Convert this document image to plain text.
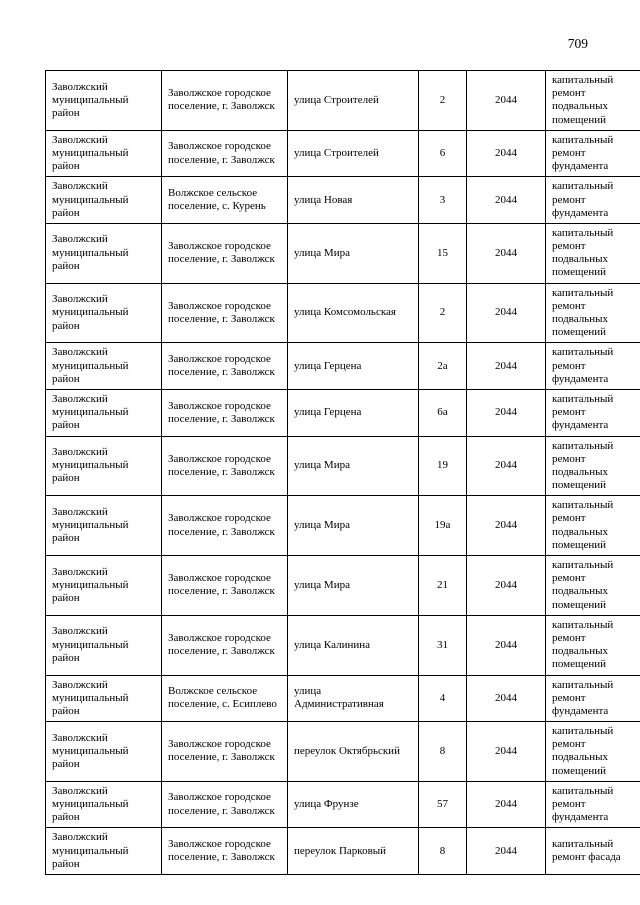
709
Заволжский муниципальный район	Заволжское городское поселение, г. Заволжск	улица Строителей	2	2044	капитальный ремонт подвальных помещений
Заволжский муниципальный район	Заволжское городское поселение, г. Заволжск	улица Строителей	6	2044	капитальный ремонт фундамента
Заволжский муниципальный район	Волжское сельское поселение, с. Курень	улица Новая	3	2044	капитальный ремонт фундамента
Заволжский муниципальный район	Заволжское городское поселение, г. Заволжск	улица Мира	15	2044	капитальный ремонт подвальных помещений
Заволжский муниципальный район	Заволжское городское поселение, г. Заволжск	улица Комсомольская	2	2044	капитальный ремонт подвальных помещений
Заволжский муниципальный район	Заволжское городское поселение, г. Заволжск	улица Герцена	2а	2044	капитальный ремонт фундамента
Заволжский муниципальный район	Заволжское городское поселение, г. Заволжск	улица Герцена	6а	2044	капитальный ремонт фундамента
Заволжский муниципальный район	Заволжское городское поселение, г. Заволжск	улица Мира	19	2044	капитальный ремонт подвальных помещений
Заволжский муниципальный район	Заволжское городское поселение, г. Заволжск	улица Мира	19а	2044	капитальный ремонт подвальных помещений
Заволжский муниципальный район	Заволжское городское поселение, г. Заволжск	улица Мира	21	2044	капитальный ремонт подвальных помещений
Заволжский муниципальный район	Заволжское городское поселение, г. Заволжск	улица Калинина	31	2044	капитальный ремонт подвальных помещений
Заволжский муниципальный район	Волжское сельское поселение, с. Есиплево	улица Административная	4	2044	капитальный ремонт фундамента
Заволжский муниципальный район	Заволжское городское поселение, г. Заволжск	переулок Октябрьский	8	2044	капитальный ремонт подвальных помещений
Заволжский муниципальный район	Заволжское городское поселение, г. Заволжск	улица Фрунзе	57	2044	капитальный ремонт фундамента
Заволжский муниципальный район	Заволжское городское поселение, г. Заволжск	переулок Парковый	8	2044	капитальный ремонт фасада
